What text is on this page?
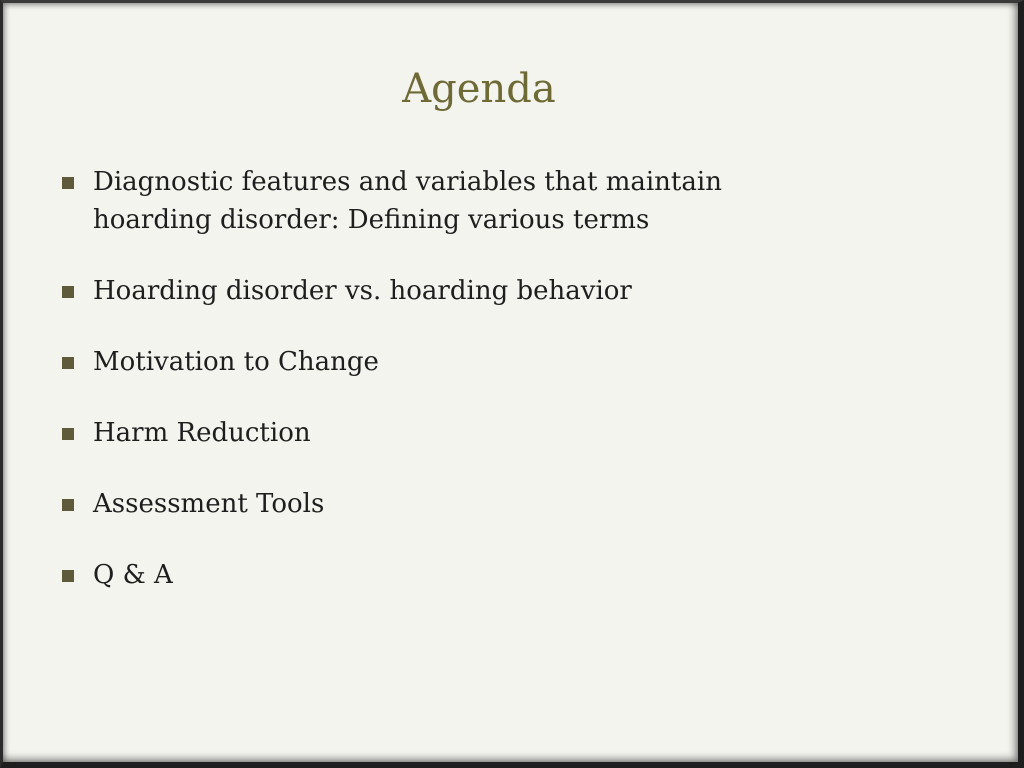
Agenda
Diagnostic features and variables that maintain hoarding disorder: Defining various terms
Hoarding disorder vs. hoarding behavior
Motivation to Change
Harm Reduction
Assessment Tools
Q & A
